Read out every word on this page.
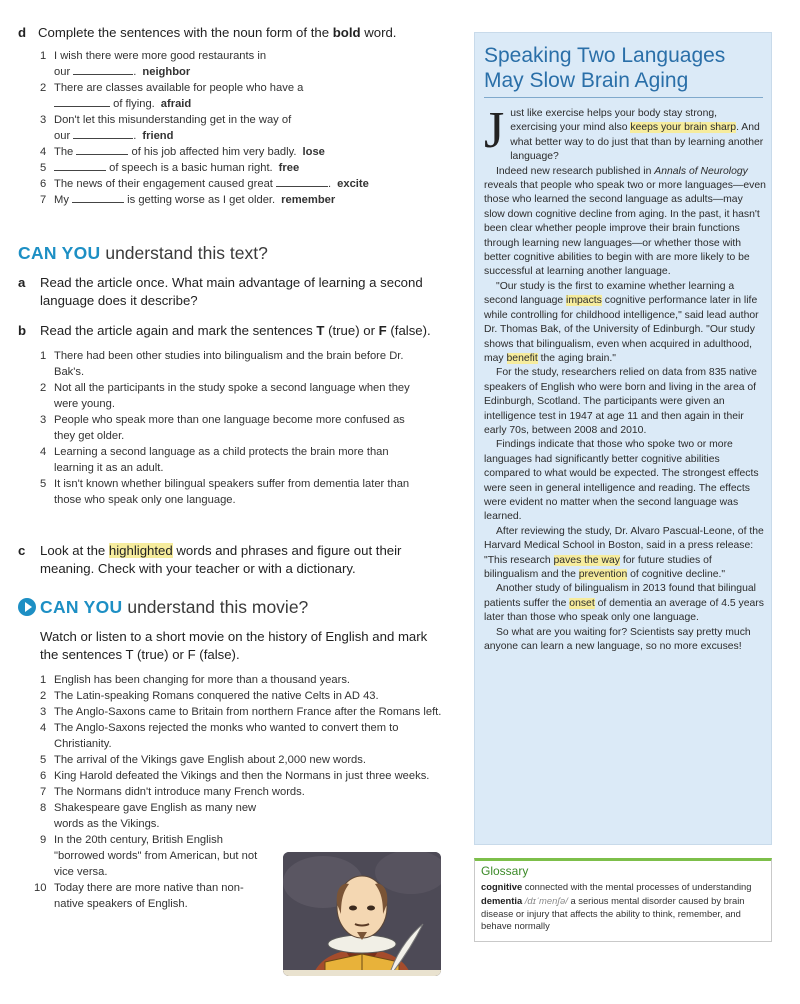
d Complete the sentences with the noun form of the bold word.
1 I wish there were more good restaurants in
our	. neighbor
2 There are classes available for people who have a
of flying. afraid
3 Don't let this misunderstanding get in the way of
our	. friend
4 The	of his job affected him very badly. lose
5	of speech is a basic human right. free
6 The news of their engagement caused great	. excite
7 My	is getting worse as I get older. remember
CAN YOU understand this text?
a	Read the article once. What main advantage of learning a second language does it describe?
b	Read the article again and mark the sentences T (true) or F (false).
1 There had been other studies into bilingualism and the brain before Dr. Bak's.
2 Not all the participants in the study spoke a second language when they were young.
3 People who speak more than one language become more confused as they get older.
4 Learning a second language as a child protects the brain more than learning it as an adult.
5 It isn't known whether bilingual speakers suffer from dementia later than those who speak only one language.
c	Look at the highlighted words and phrases and figure out their meaning. Check with your teacher or with a dictionary.
CAN YOU understand this movie?
Watch or listen to a short movie on the history of English and mark the sentences T (true) or F (false).
1 English has been changing for more than a thousand years.
2 The Latin-speaking Romans conquered the native Celts in AD 43.
3 The Anglo-Saxons came to Britain from northern France after the Romans left.
4 The Anglo-Saxons rejected the monks who wanted to convert them to Christianity.
5 The arrival of the Vikings gave English about 2,000 new words.
6 King Harold defeated the Vikings and then the Normans in just three weeks.
7 The Normans didn't introduce many French words.
8 Shakespeare gave English as many new words as the Vikings.
9 In the 20th century, British English "borrowed words" from American, but not vice versa.
10 Today there are more native than non-native speakers of English.
Speaking Two Languages May Slow Brain Aging

Just like exercise helps your body stay strong, exercising your mind also keeps your brain sharp. And what better way to do just that than by learning another language?

Indeed new research published in Annals of Neurology reveals that people who speak two or more languages—even those who learned the second language as adults—may slow down cognitive decline from aging. In the past, it hasn't been clear whether people improve their brain functions through learning new languages—or whether those with better cognitive abilities to begin with are more likely to be successful at learning another language.

"Our study is the first to examine whether learning a second language impacts cognitive performance later in life while controlling for childhood intelligence," said lead author Dr. Thomas Bak, of the University of Edinburgh. "Our study shows that bilingualism, even when acquired in adulthood, may benefit the aging brain."

For the study, researchers relied on data from 835 native speakers of English who were born and living in the area of Edinburgh, Scotland. The participants were given an intelligence test in 1947 at age 11 and then again in their early 70s, between 2008 and 2010.

Findings indicate that those who spoke two or more languages had significantly better cognitive abilities compared to what would be expected. The strongest effects were seen in general intelligence and reading. The effects were evident no matter when the second language was learned.

After reviewing the study, Dr. Alvaro Pascual-Leone, of the Harvard Medical School in Boston, said in a press release: "This research paves the way for future studies of bilingualism and the prevention of cognitive decline."

Another study of bilingualism in 2013 found that bilingual patients suffer the onset of dementia an average of 4.5 years later than those who speak only one language.

So what are you waiting for? Scientists say pretty much anyone can learn a new language, so no more excuses!

Glossary
cognitive connected with the mental processes of understanding
dementia /dɪˈmenʃə/ a serious mental disorder caused by brain disease or injury that affects the ability to think, remember, and behave normally
